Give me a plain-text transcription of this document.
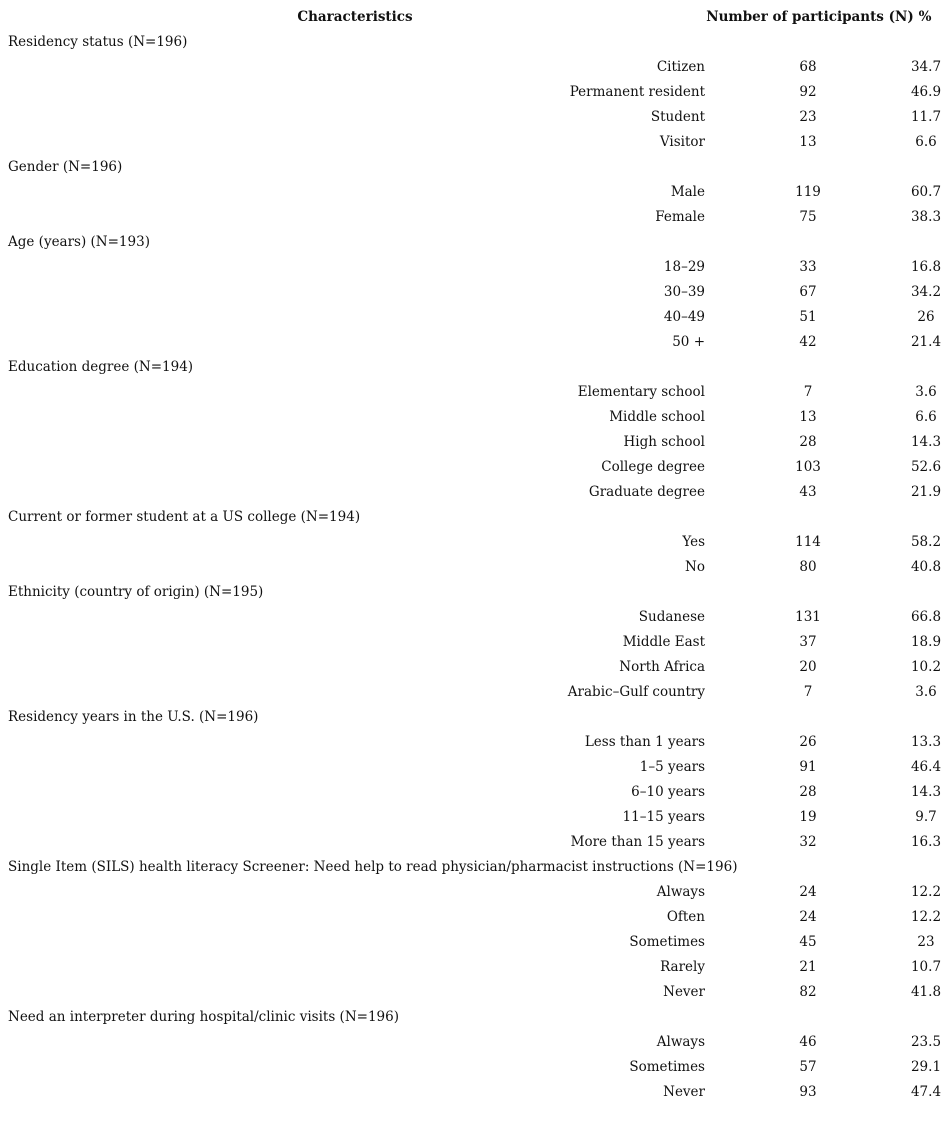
Characteristics	Number of participants (N) %
Residency status (N=196)
Citizen	68	34.7
Permanent resident	92	46.9
Student	23	11.7
Visitor	13	6.6
Gender (N=196)
Male	119	60.7
Female	75	38.3
Age (years) (N=193)
18–29	33	16.8
30–39	67	34.2
40–49	51	26
50 +	42	21.4
Education degree (N=194)
Elementary school	7	3.6
Middle school	13	6.6
High school	28	14.3
College degree	103	52.6
Graduate degree	43	21.9
Current or former student at a US college (N=194)
Yes	114	58.2
No	80	40.8
Ethnicity (country of origin) (N=195)
Sudanese	131	66.8
Middle East	37	18.9
North Africa	20	10.2
Arabic–Gulf country	7	3.6
Residency years in the U.S. (N=196)
Less than 1 years	26	13.3
1–5 years	91	46.4
6–10 years	28	14.3
11–15 years	19	9.7
More than 15 years	32	16.3
Single Item (SILS) health literacy Screener: Need help to read physician/pharmacist instructions (N=196)
Always	24	12.2
Often	24	12.2
Sometimes	45	23
Rarely	21	10.7
Never	82	41.8
Need an interpreter during hospital/clinic visits (N=196)
Always	46	23.5
Sometimes	57	29.1
Never	93	47.4
